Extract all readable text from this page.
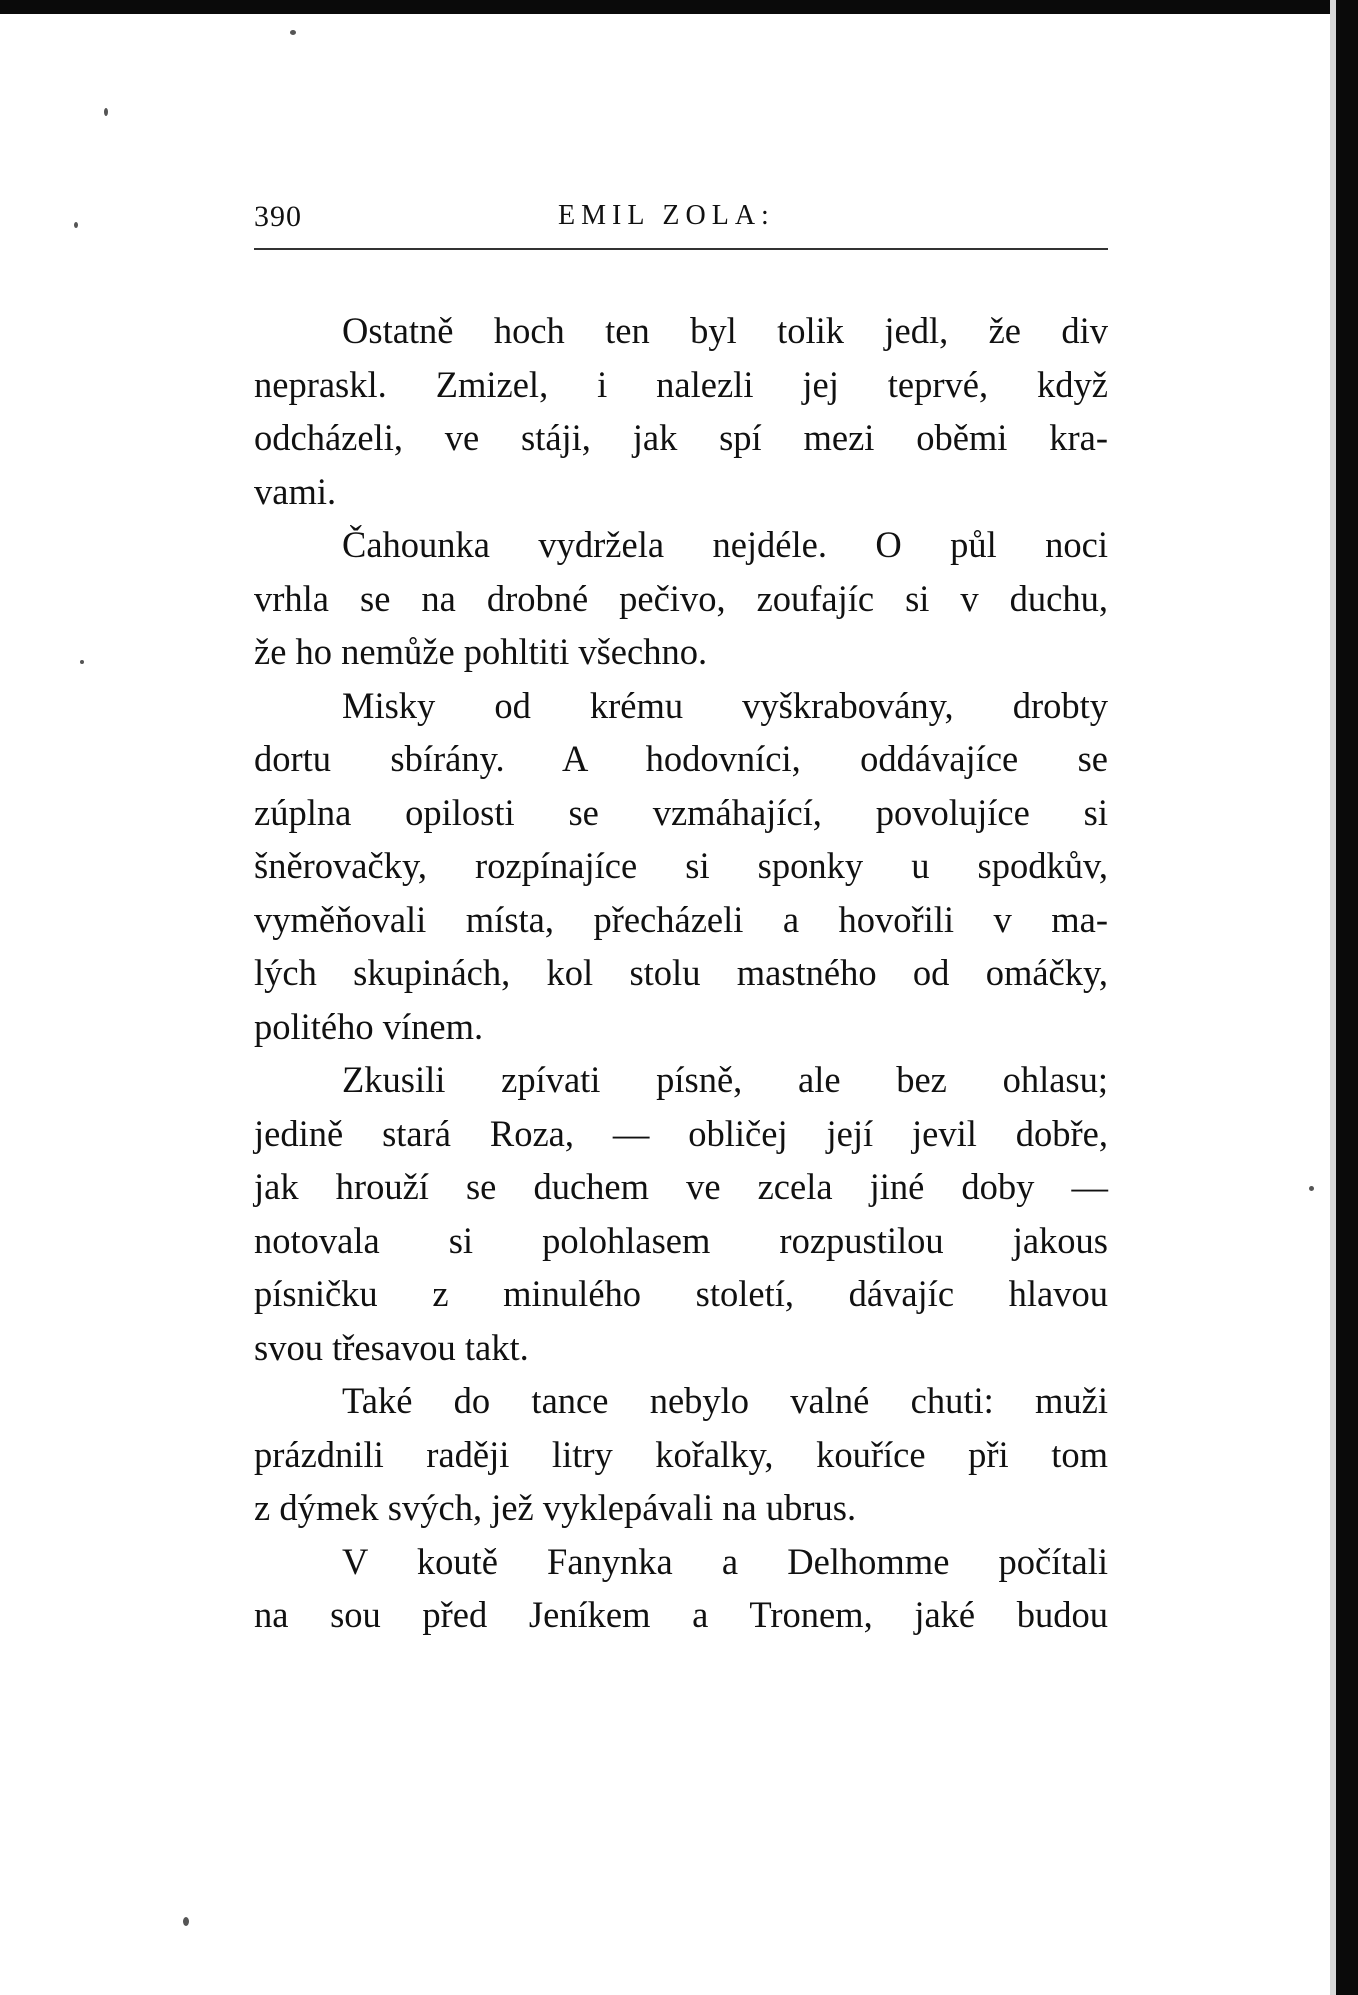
390	EMIL ZOLA:
Ostatně hoch ten byl tolik jedl, že div
nepraskl. Zmizel, i nalezli jej teprvé, když
odcházeli, ve stáji, jak spí mezi oběmi kra-
vami.
Čahounka vydržela nejdéle. O půl noci
vrhla se na drobné pečivo, zoufajíc si v duchu,
že ho nemůže pohltiti všechno.
Misky od krému vyškrabovány, drobty
dortu sbírány. A hodovníci, oddávajíce se
zúplna opilosti se vzmáhající, povolujíce si
šněrovačky, rozpínajíce si sponky u spodkův,
vyměňovali místa, přecházeli a hovořili v ma-
lých skupinách, kol stolu mastného od omáčky,
politého vínem.
Zkusili zpívati písně, ale bez ohlasu;
jedině stará Roza, — obličej její jevil dobře,
jak hrouží se duchem ve zcela jiné doby —
notovala si polohlasem rozpustilou jakous
písničku z minulého století, dávajíc hlavou
svou třesavou takt.
Také do tance nebylo valné chuti: muži
prázdnili raději litry kořalky, kouříce při tom
z dýmek svých, jež vyklepávali na ubrus.
V koutě Fanynka a Delhomme počítali
na sou před Jeníkem a Tronem, jaké budou
